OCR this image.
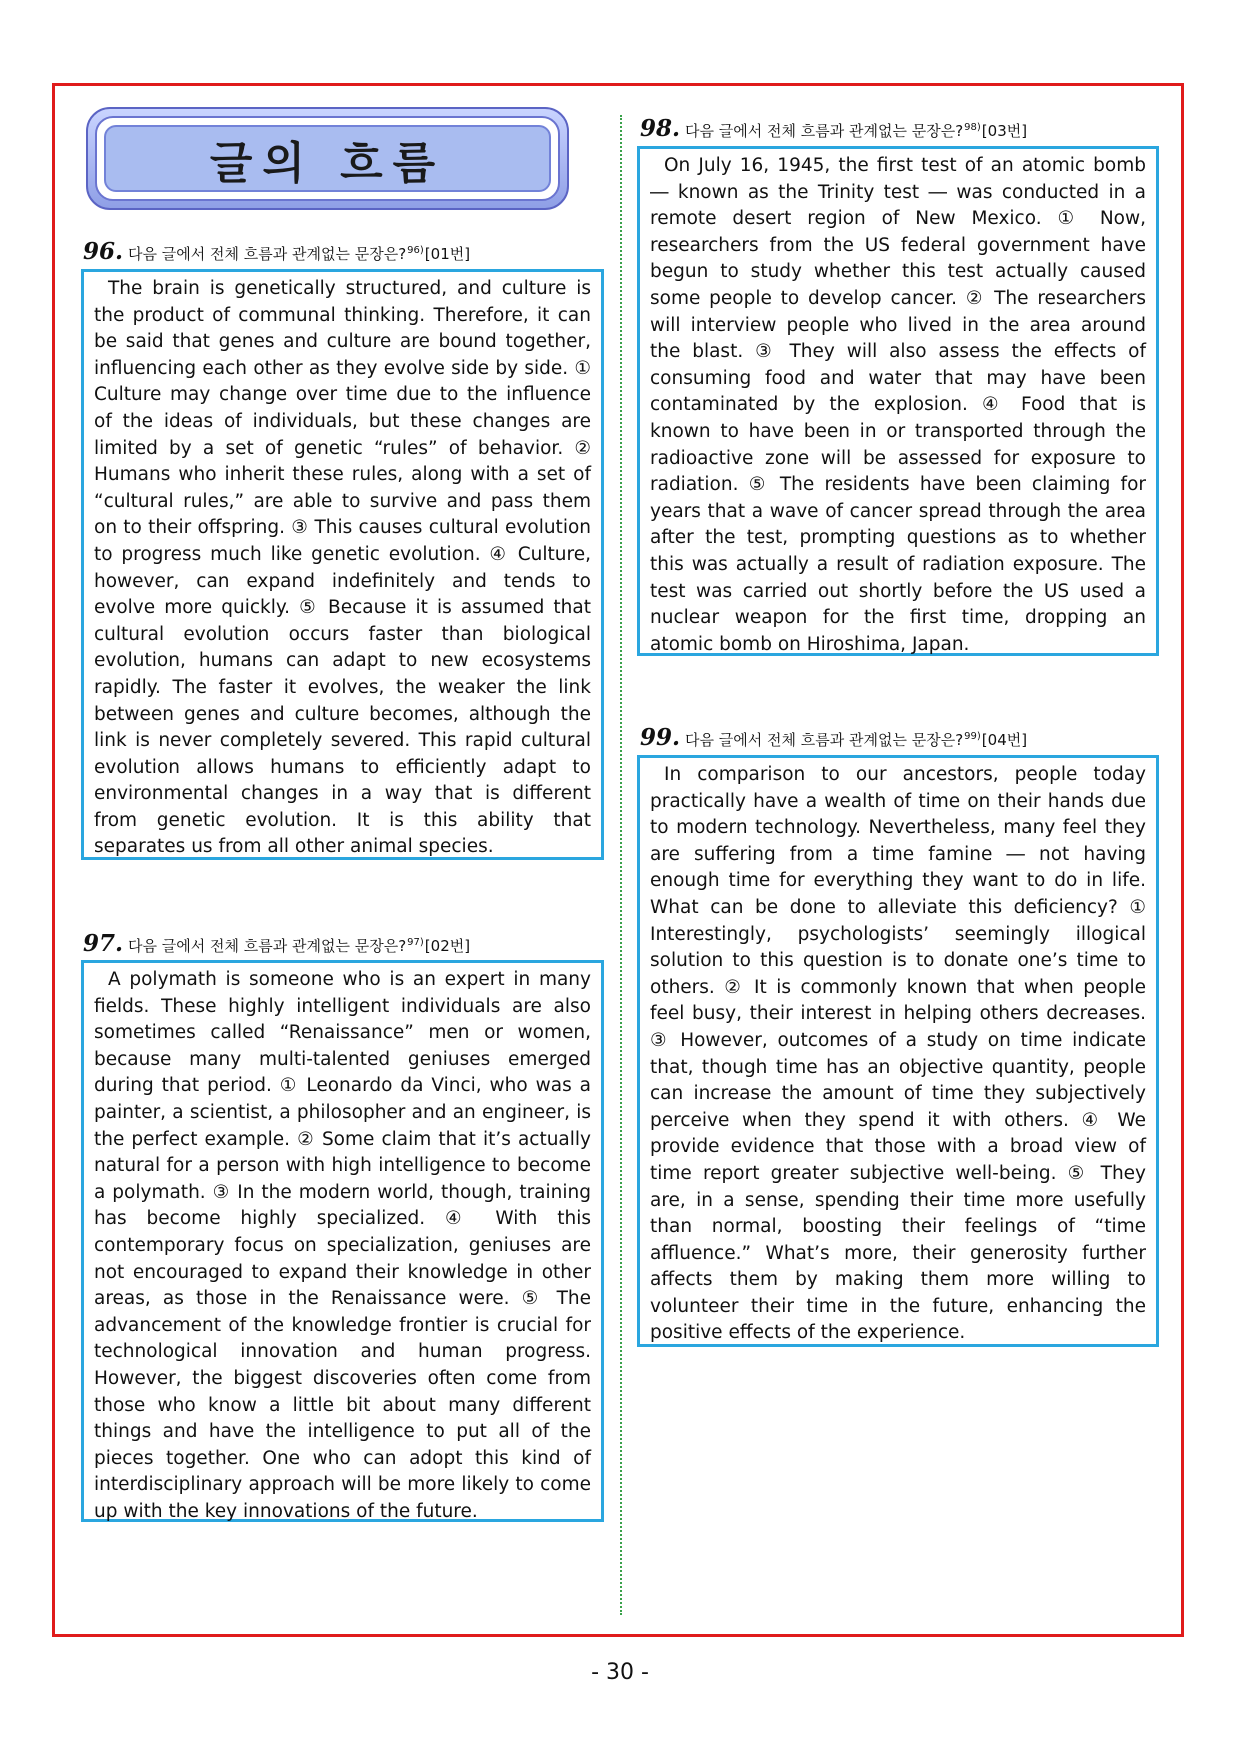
글의 흐름
96. 다음 글에서 전체 흐름과 관계없는 문장은? 96) [01번]

The brain is genetically structured, and culture is the product of communal thinking. Therefore, it can be said that genes and culture are bound together, influencing each other as they evolve side by side. ① Culture may change over time due to the influence of the ideas of individuals, but these changes are limited by a set of genetic “rules” of behavior. ② Humans who inherit these rules, along with a set of “cultural rules,” are able to survive and pass them on to their offspring. ③ This causes cultural evolution to progress much like genetic evolution. ④ Culture, however, can expand indefinitely and tends to evolve more quickly. ⑤ Because it is assumed that cultural evolution occurs faster than biological evolution, humans can adapt to new ecosystems rapidly. The faster it evolves, the weaker the link between genes and culture becomes, although the link is never completely severed. This rapid cultural evolution allows humans to efficiently adapt to environmental changes in a way that is different from genetic evolution. It is this ability that separates us from all other animal species.

97. 다음 글에서 전체 흐름과 관계없는 문장은? 97) [02번]

A polymath is someone who is an expert in many fields. These highly intelligent individuals are also sometimes called “Renaissance” men or women, because many multi-talented geniuses emerged during that period. ① Leonardo da Vinci, who was a painter, a scientist, a philosopher and an engineer, is the perfect example. ② Some claim that it’s actually natural for a person with high intelligence to become a polymath. ③ In the modern world, though, training has become highly specialized. ④ With this contemporary focus on specialization, geniuses are not encouraged to expand their knowledge in other areas, as those in the Renaissance were. ⑤ The advancement of the knowledge frontier is crucial for technological innovation and human progress. However, the biggest discoveries often come from those who know a little bit about many different things and have the intelligence to put all of the pieces together. One who can adopt this kind of interdisciplinary approach will be more likely to come up with the key innovations of the future.

98. 다음 글에서 전체 흐름과 관계없는 문장은? 98) [03번]

On July 16, 1945, the first test of an atomic bomb ― known as the Trinity test ― was conducted in a remote desert region of New Mexico. ① Now, researchers from the US federal government have begun to study whether this test actually caused some people to develop cancer. ② The researchers will interview people who lived in the area around the blast. ③ They will also assess the effects of consuming food and water that may have been contaminated by the explosion. ④ Food that is known to have been in or transported through the radioactive zone will be assessed for exposure to radiation. ⑤ The residents have been claiming for years that a wave of cancer spread through the area after the test, prompting questions as to whether this was actually a result of radiation exposure. The test was carried out shortly before the US used a nuclear weapon for the first time, dropping an atomic bomb on Hiroshima, Japan.

99. 다음 글에서 전체 흐름과 관계없는 문장은? 99) [04번]

In comparison to our ancestors, people today practically have a wealth of time on their hands due to modern technology. Nevertheless, many feel they are suffering from a time famine ― not having enough time for everything they want to do in life. What can be done to alleviate this deficiency? ① Interestingly, psychologists’ seemingly illogical solution to this question is to donate one’s time to others. ② It is commonly known that when people feel busy, their interest in helping others decreases. ③ However, outcomes of a study on time indicate that, though time has an objective quantity, people can increase the amount of time they subjectively perceive when they spend it with others. ④ We provide evidence that those with a broad view of time report greater subjective well-being. ⑤ They are, in a sense, spending their time more usefully than normal, boosting their feelings of “time affluence.” What’s more, their generosity further affects them by making them more willing to volunteer their time in the future, enhancing the positive effects of the experience.

- 30 -
